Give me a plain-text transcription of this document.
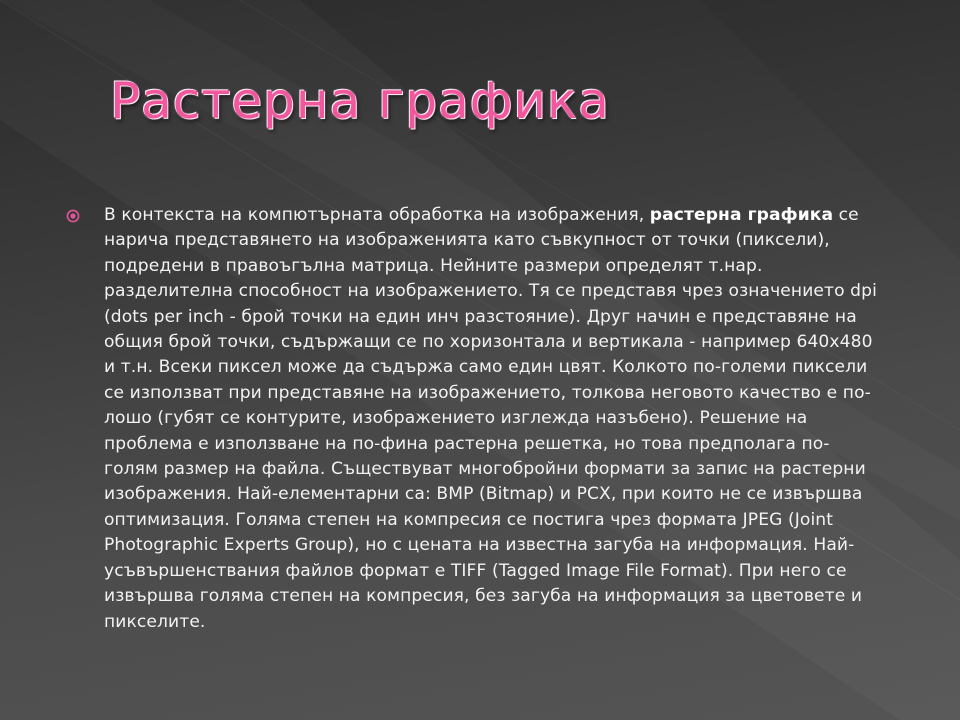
Растерна графика
В контекста на компютърната обработка на изображения, растерна графика се нарича представянето на изображенията като съвкупност от точки (пиксели), подредени в правоъгълна матрица. Нейните размери определят т.нар. разделителна способност на изображението. Тя се представя чрез означението dpi (dots per inch - брой точки на един инч разстояние). Друг начин е представяне на общия брой точки, съдържащи се по хоризонтала и вертикала - например 640x480 и т.н. Всеки пиксел може да съдържа само един цвят. Колкото по-големи пиксели се използват при представяне на изображението, толкова неговото качество е по-лошо (губят се контурите, изображението изглежда назъбено). Решение на проблема е използване на по-фина растерна решетка, но това предполага по-голям размер на файла. Съществуват многобройни формати за запис на растерни изображения. Най-елементарни са: BMP (Bitmap) и PCX, при които не се извършва оптимизация. Голяма степен на компресия се постига чрез формата JPEG (Joint Photographic Experts Group), но с цената на известна загуба на информация. Най-усъвършенствания файлов формат е TIFF (Tagged Image File Format). При него се извършва голяма степен на компресия, без загуба на информация за цветовете и пикселите.
